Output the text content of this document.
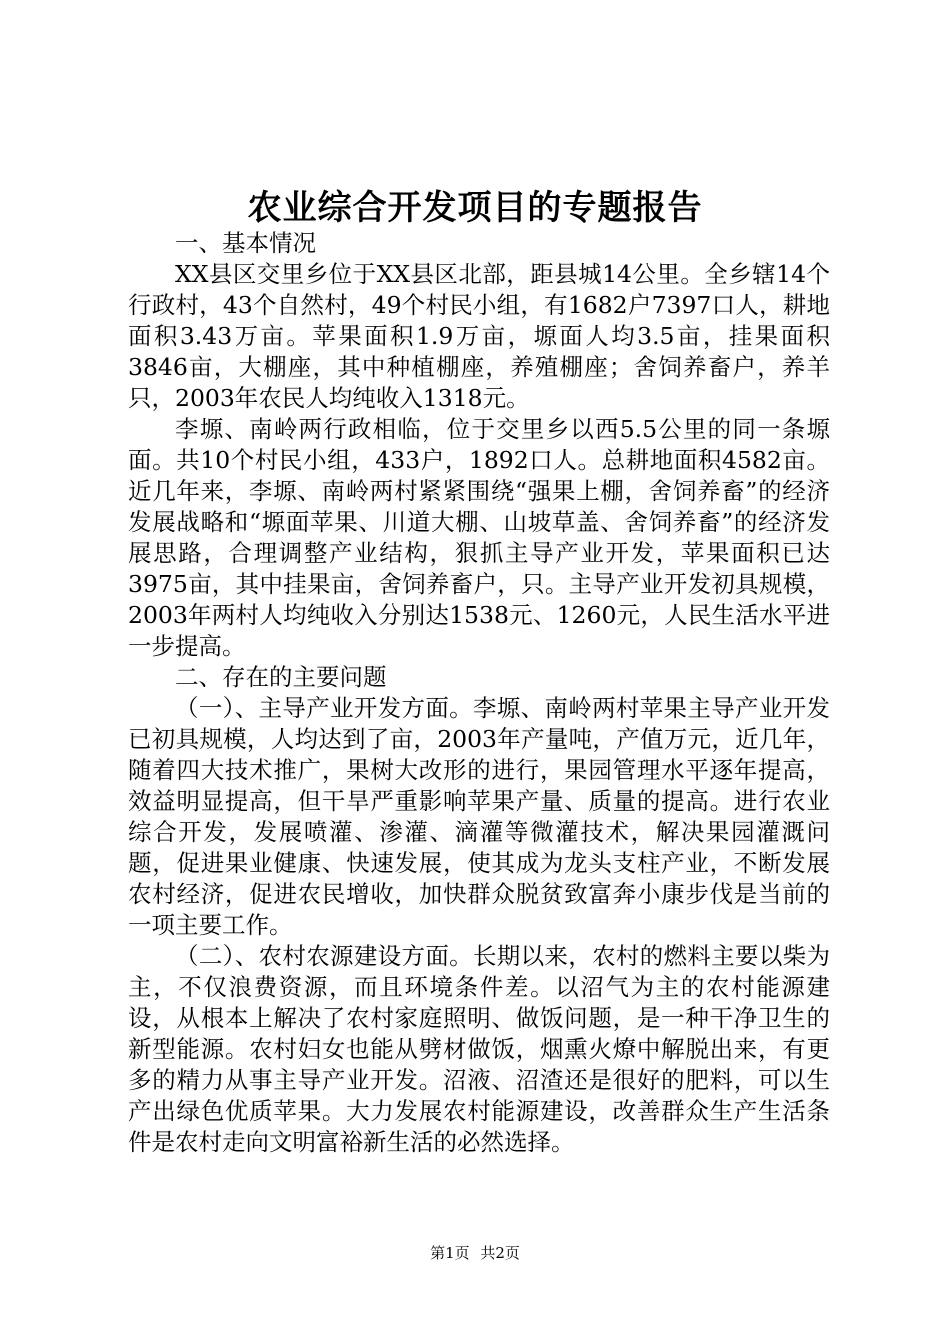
农业综合开发项目的专题报告

一、基本情况

XX县区交里乡位于XX县区北部，距县城14公里。全乡辖14个行政村，43个自然村，49个村民小组，有1682户7397口人，耕地面积3.43万亩。苹果面积1.9万亩，塬面人均3.5亩，挂果面积3846亩，大棚座，其中种植棚座，养殖棚座；舍饲养畜户，养羊只，2003年农民人均纯收入1318元。

李塬、南岭两行政相临，位于交里乡以西5.5公里的同一条塬面。共10个村民小组，433户，1892口人。总耕地面积4582亩。近几年来，李塬、南岭两村紧紧围绕“强果上棚，舍饲养畜”的经济发展战略和“塬面苹果、川道大棚、山坡草盖、舍饲养畜”的经济发展思路，合理调整产业结构，狠抓主导产业开发，苹果面积已达3975亩，其中挂果亩，舍饲养畜户，只。主导产业开发初具规模，2003年两村人均纯收入分别达1538元、1260元，人民生活水平进一步提高。

二、存在的主要问题

（一）、主导产业开发方面。李塬、南岭两村苹果主导产业开发已初具规模，人均达到了亩，2003年产量吨，产值万元，近几年，随着四大技术推广，果树大改形的进行，果园管理水平逐年提高，效益明显提高，但干旱严重影响苹果产量、质量的提高。进行农业综合开发，发展喷灌、渗灌、滴灌等微灌技术，解决果园灌溉问题，促进果业健康、快速发展，使其成为龙头支柱产业，不断发展农村经济，促进农民增收，加快群众脱贫致富奔小康步伐是当前的一项主要工作。

（二）、农村农源建设方面。长期以来，农村的燃料主要以柴为主，不仅浪费资源，而且环境条件差。以沼气为主的农村能源建设，从根本上解决了农村家庭照明、做饭问题，是一种干净卫生的新型能源。农村妇女也能从劈材做饭，烟熏火燎中解脱出来，有更多的精力从事主导产业开发。沼液、沼渣还是很好的肥料，可以生产出绿色优质苹果。大力发展农村能源建设，改善群众生产生活条件是农村走向文明富裕新生活的必然选择。

第1页 共2页
